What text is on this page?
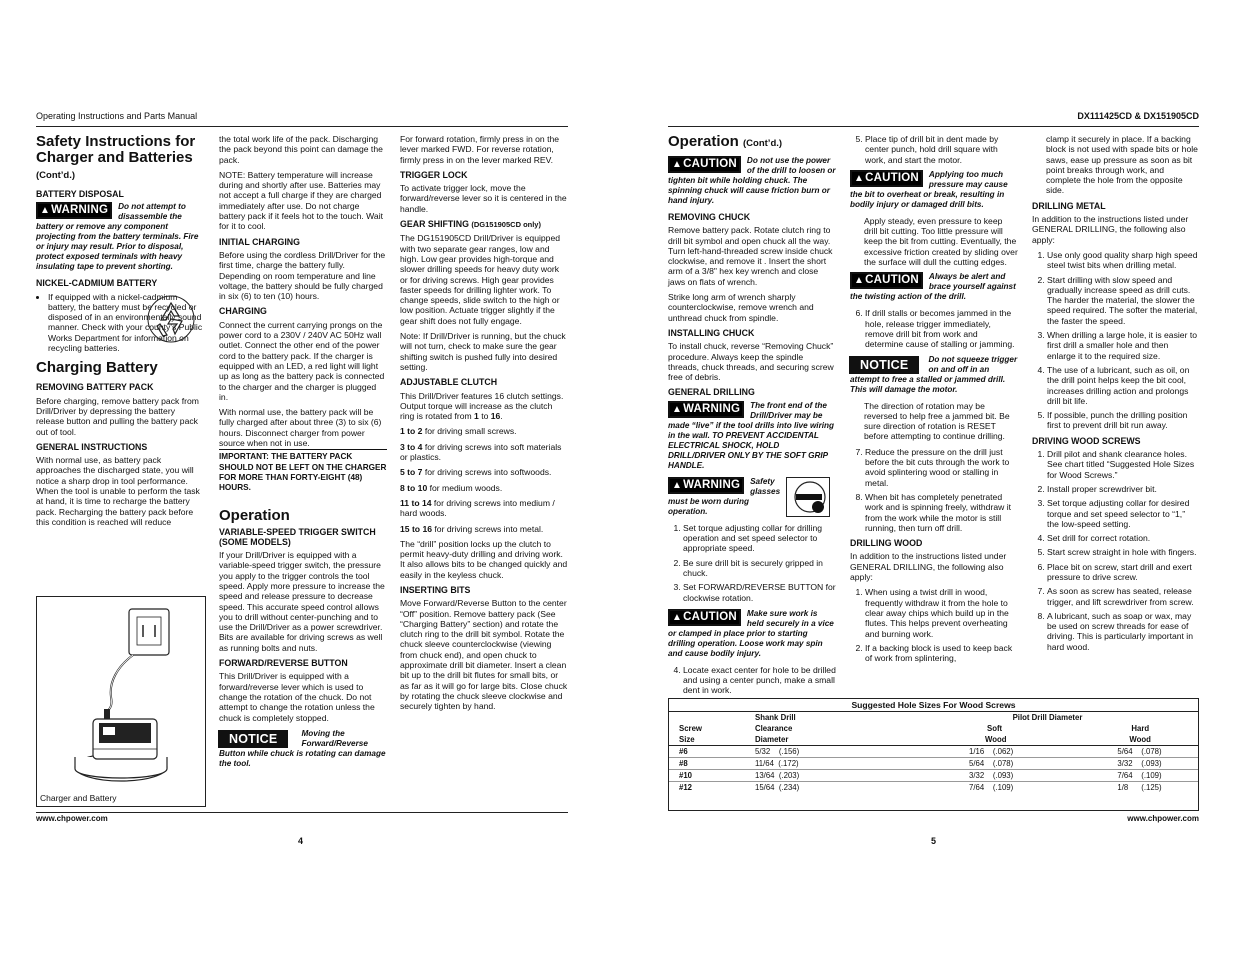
Operating Instructions and Parts Manual
Safety Instructions for Charger and Batteries (Cont’d.)
BATTERY DISPOSAL
▲WARNING	Do not attempt to disassemble the battery or remove any component projecting from the battery terminals. Fire or injury may result. Prior to disposal, protect exposed terminals with heavy insulating tape to prevent shorting.
NICKEL-CADMIUM BATTERY
• If equipped with a nickel-cadmium battery, the battery must be recycled or disposed of in an environmentally sound manner. Check with your county’s Public Works Department for information on recycling batteries.
Charging Battery
REMOVING BATTERY PACK

Before charging, remove battery pack from Drill/Driver by depressing the battery release button and pulling the battery pack out of tool.

GENERAL INSTRUCTIONS

With normal use, as battery pack approaches the discharged state, you will notice a sharp drop in tool performance. When the tool is unable to perform the task at hand, it is time to recharge the battery pack. Recharging the battery pack before this condition is reached will reduce

Charger and Battery

the total work life of the pack. Discharging the pack beyond this point can damage the pack.

NOTE: Battery temperature will increase during and shortly after use. Batteries may not accept a full charge if they are charged immediately after use. Do not charge battery pack if it feels hot to the touch. Wait for it to cool.

INITIAL CHARGING

Before using the cordless Drill/Driver for the first time, charge the battery fully. Depending on room temperature and line voltage, the battery should be fully charged in six (6) to ten (10) hours.

CHARGING

Connect the current carrying prongs on the power cord to a 230V / 240V AC 50Hz wall outlet. Connect the other end of the power cord to the battery pack. If the charger is equipped with an LED, a red light will light up as long as the battery pack is connected to the charger and the charger is plugged in.

With normal use, the battery pack will be fully charged after about three (3) to six (6) hours. Disconnect charger from power source when not in use.

IMPORTANT: THE BATTERY PACK SHOULD NOT BE LEFT ON THE CHARGER FOR MORE THAN FORTY-EIGHT (48) HOURS.

Operation
VARIABLE-SPEED TRIGGER SWITCH (SOME MODELS)

If your Drill/Driver is equipped with a variable-speed trigger switch, the pressure you apply to the trigger controls the tool speed. Apply more pressure to increase the speed and release pressure to decrease speed. This accurate speed control allows you to drill without center-punching and to use the Drill/Driver as a power screwdriver. Bits are available for driving screws as well as running bolts and nuts.

FORWARD/REVERSE BUTTON

This Drill/Driver is equipped with a forward/reverse lever which is used to change the rotation of the chuck. Do not attempt to change the rotation unless the chuck is completely stopped.

NOTICE	Moving the Forward/Reverse Button while chuck is rotating can damage the tool.

For forward rotation, firmly press in on the lever marked FWD. For reverse rotation, firmly press in on the lever marked REV.

TRIGGER LOCK

To activate trigger lock, move the forward/reverse lever so it is centered in the handle.

GEAR SHIFTING (DG151905CD only)

The DG151905CD Drill/Driver is equipped with two separate gear ranges, low and high. Low gear provides high-torque and slower drilling speeds for heavy duty work or for driving screws. High gear provides faster speeds for drilling lighter work. To change speeds, slide switch to the high or low position. Actuate trigger slightly if the gear shift does not fully engage.

Note: If Drill/Driver is running, but the chuck will not turn, check to make sure the gear shifting switch is pushed fully into desired setting.

ADJUSTABLE CLUTCH

This Drill/Driver features 16 clutch settings. Output torque will increase as the clutch ring is rotated from 1 to 16.

1 to 2 for driving small screws.

3 to 4 for driving screws into soft materials or plastics.

5 to 7 for driving screws into softwoods.

8 to 10 for medium woods.

11 to 14 for driving screws into medium / hard woods.

15 to 16 for driving screws into metal.

The “drill” position locks up the clutch to permit heavy-duty drilling and driving work. It also allows bits to be changed quickly and easily in the keyless chuck.

INSERTING BITS

Move Forward/Reverse Button to the center “Off” position. Remove battery pack (See “Charging Battery” section) and rotate the clutch ring to the drill bit symbol. Rotate the chuck sleeve counterclockwise (viewing from chuck end), and open chuck to approximate drill bit diameter. Insert a clean bit up to the drill bit flutes for small bits, or as far as it will go for large bits. Close chuck by rotating the chuck sleeve clockwise and securely tighten by hand.

www.chpower.com
4
DX111425CD & DX151905CD
Operation (Cont’d.)
▲CAUTION	Do not use the power of the drill to loosen or tighten bit while holding chuck. The spinning chuck will cause friction burn or hand injury.
REMOVING CHUCK

Remove battery pack. Rotate clutch ring to drill bit symbol and open chuck all the way. Turn left-hand-threaded screw inside chuck clockwise, and remove it . Insert the short arm of a 3/8" hex key wrench and close jaws on flats of wrench.

Strike long arm of wrench sharply counterclockwise, remove wrench and unthread chuck from spindle.

INSTALLING CHUCK

To install chuck, reverse “Removing Chuck” procedure. Always keep the spindle threads, chuck threads, and securing screw free of debris.

GENERAL DRILLING
▲WARNING	The front end of the Drill/Driver may be made “live” if the tool drills into live wiring in the wall. TO PREVENT ACCIDENTAL ELECTRICAL SHOCK, HOLD DRILL/DRIVER ONLY BY THE SOFT GRIP HANDLE.
▲WARNING	Safety glasses must be worn during operation.
1. Set torque adjusting collar for drilling operation and set speed selector to appropriate speed.
2. Be sure drill bit is securely gripped in chuck.
3. Set FORWARD/REVERSE BUTTON for clockwise rotation.
▲CAUTION	Make sure work is held securely in a vice or clamped in place prior to starting drilling operation. Loose work may spin and cause bodily injury.
4. Locate exact center for hole to be drilled and using a center punch, make a small dent in work.
5. Place tip of drill bit in dent made by center punch, hold drill square with work, and start the motor.
▲CAUTION	Applying too much pressure may cause the bit to overheat or break, resulting in bodily injury or damaged drill bits.

Apply steady, even pressure to keep drill bit cutting. Too little pressure will keep the bit from cutting. Eventually, the excessive friction created by sliding over the surface will dull the cutting edges.

▲CAUTION	Always be alert and brace yourself against the twisting action of the drill.
6. If drill stalls or becomes jammed in the hole, release trigger immediately, remove drill bit from work and determine cause of stalling or jamming.
NOTICE	Do not squeeze trigger on and off in an attempt to free a stalled or jammed drill. This will damage the motor.

The direction of rotation may be reversed to help free a jammed bit. Be sure direction of rotation is RESET before attempting to continue drilling.

7. Reduce the pressure on the drill just before the bit cuts through the work to avoid splintering wood or stalling in metal.
8. When bit has completely penetrated work and is spinning freely, withdraw it from the work while the motor is still running, then turn off drill.
DRILLING WOOD

In addition to the instructions listed under GENERAL DRILLING, the following also apply:

1. When using a twist drill in wood, frequently withdraw it from the hole to clear away chips which build up in the flutes. This helps prevent overheating and burning work.
2. If a backing block is used to keep back of work from splintering,

clamp it securely in place. If a backing block is not used with spade bits or hole saws, ease up pressure as soon as bit point breaks through work, and complete the hole from the opposite side.

DRILLING METAL

In addition to the instructions listed under GENERAL DRILLING, the following also apply:

1. Use only good quality sharp high speed steel twist bits when drilling metal.
2. Start drilling with slow speed and gradually increase speed as drill cuts. The harder the material, the slower the speed required. The softer the material, the faster the speed.
3. When drilling a large hole, it is easier to first drill a smaller hole and then enlarge it to the required size.
4. The use of a lubricant, such as oil, on the drill point helps keep the bit cool, increases drilling action and prolongs drill bit life.
5. If possible, punch the drilling position first to prevent drill bit run away.
DRIVING WOOD SCREWS
1. Drill pilot and shank clearance holes. See chart titled “Suggested Hole Sizes for Wood Screws.”
2. Install proper screwdriver bit.
3. Set torque adjusting collar for desired torque and set speed selector to “1,” the low-speed setting.
4. Set drill for correct rotation.
5. Start screw straight in hole with fingers.
6. Place bit on screw, start drill and exert pressure to drive screw.
7. As soon as screw has seated, release trigger, and lift screwdriver from screw.
8. A lubricant, such as soap or wax, may be used on screw threads for ease of driving. This is particularly important in hard wood.
Suggested Hole Sizes For Wood Screws
	Shank Drill	Pilot Drill Diameter	
Screw	Clearance	Soft	Hard
Size	Diameter	Wood	Wood
#6	5/32    (.156)	1/16    (.062)	5/64    (.078)
#8	11/64  (.172)	5/64    (.078)	3/32    (.093)
#10	13/64  (.203)	3/32    (.093)	7/64    (.109)
#12	15/64  (.234)	7/64    (.109)	1/8      (.125)
www.chpower.com
5
